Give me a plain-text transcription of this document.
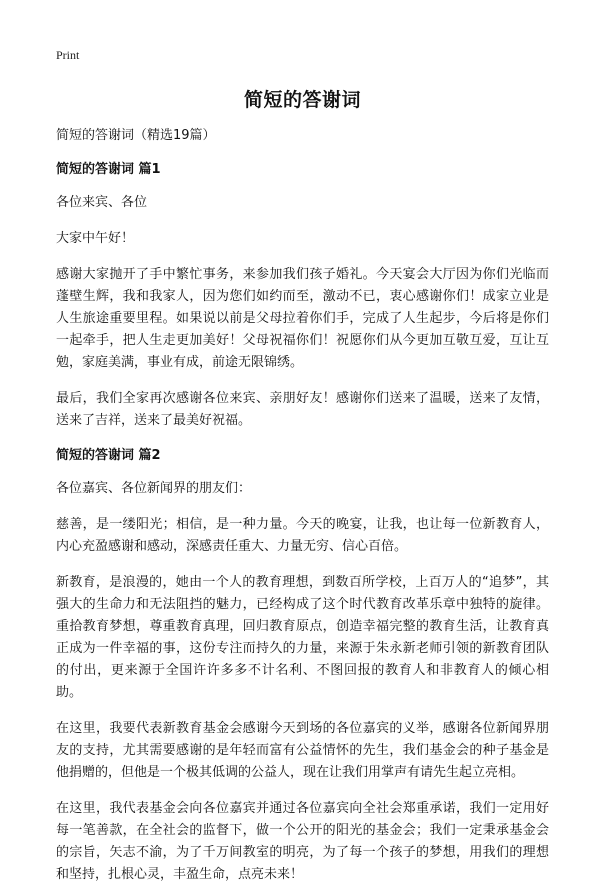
Print
简短的答谢词
简短的答谢词（精选19篇）
简短的答谢词 篇1

各位来宾、各位

大家中午好！

感谢大家抛开了手中繁忙事务，来参加我们孩子婚礼。今天宴会大厅因为你们光临而蓬壁生辉，我和我家人，因为您们如约而至，激动不已，衷心感谢你们！成家立业是人生旅途重要里程。如果说以前是父母拉着你们手，完成了人生起步，今后将是你们一起牵手，把人生走更加美好！父母祝福你们！祝愿你们从今更加互敬互爱，互让互勉，家庭美满，事业有成，前途无限锦绣。

最后，我们全家再次感谢各位来宾、亲朋好友！感谢你们送来了温暖，送来了友情，送来了吉祥，送来了最美好祝福。

简短的答谢词 篇2

各位嘉宾、各位新闻界的朋友们：

慈善，是一缕阳光；相信，是一种力量。今天的晚宴，让我，也让每一位新教育人，内心充盈感谢和感动，深感责任重大、力量无穷、信心百倍。

新教育，是浪漫的，她由一个人的教育理想，到数百所学校，上百万人的“追梦”，其强大的生命力和无法阻挡的魅力，已经构成了这个时代教育改革乐章中独特的旋律。重拾教育梦想，尊重教育真理，回归教育原点，创造幸福完整的教育生活，让教育真正成为一件幸福的事，这份专注而持久的力量，来源于朱永新老师引领的新教育团队的付出，更来源于全国许许多多不计名利、不图回报的教育人和非教育人的倾心相助。

在这里，我要代表新教育基金会感谢今天到场的各位嘉宾的义举，感谢各位新闻界朋友的支持，尤其需要感谢的是年轻而富有公益情怀的先生，我们基金会的种子基金是他捐赠的，但他是一个极其低调的公益人，现在让我们用掌声有请先生起立亮相。

在这里，我代表基金会向各位嘉宾并通过各位嘉宾向全社会郑重承诺，我们一定用好每一笔善款，在全社会的监督下，做一个公开的阳光的基金会；我们一定秉承基金会的宗旨，矢志不渝，为了千万间教室的明亮，为了每一个孩子的梦想，用我们的理想和坚持，扎根心灵，丰盈生命，点亮未来！
